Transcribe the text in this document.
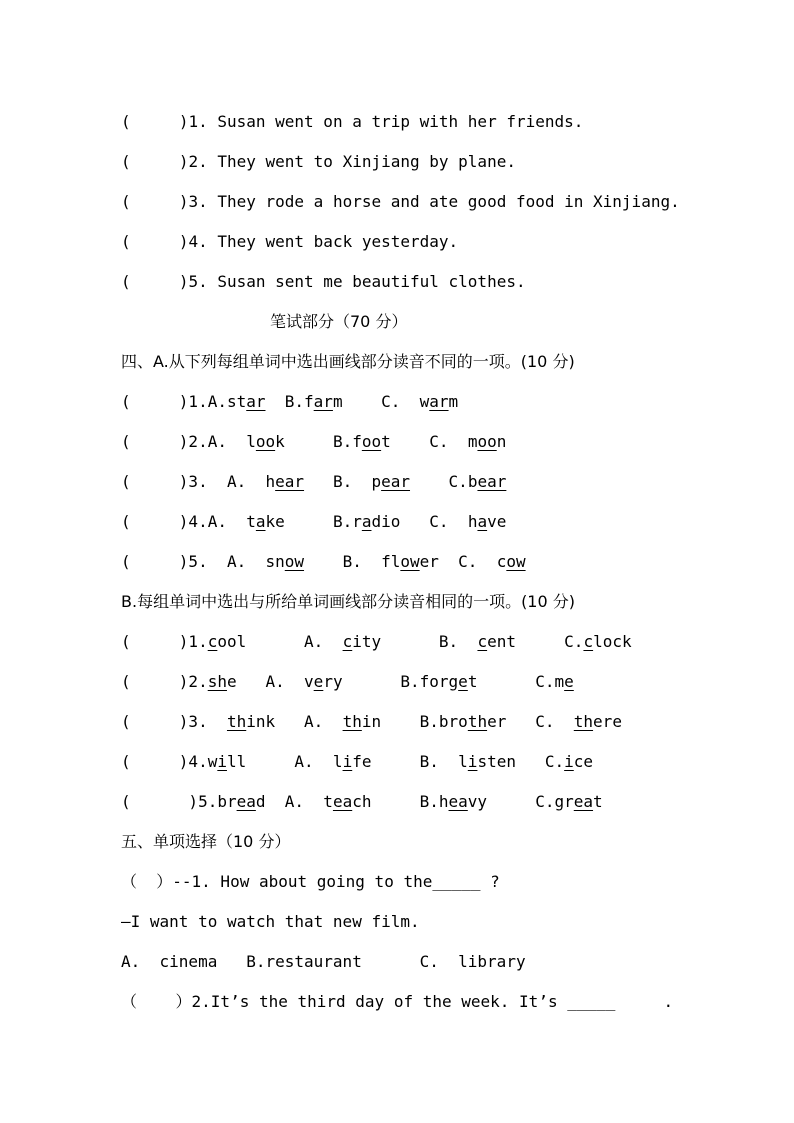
(	)1. Susan went on a trip with her friends.
(	)2. They went to Xinjiang by plane.
(	)3. They rode a horse and ate good food in Xinjiang.
(	)4. They went back yesterday.
(	)5. Susan sent me beautiful clothes.
笔试部分（70 分）
四、A.从下列每组单词中选出画线部分读音不同的一项。(10 分)
(     )1.A.star  B.farm    C.  warm
(     )2.A.  look     B.foot    C.  moon
(     )3.  A.  hear   B.  pear    C.bear
(     )4.A.  take     B.radio   C.  have
(     )5.  A.  snow    B.  flower  C.  cow
B.每组单词中选出与所给单词画线部分读音相同的一项。(10 分)
(     )1.cool      A.  city      B.  cent     C.clock
(     )2.she   A.  very      B.forget      C.me
(     )3.  think   A.  thin    B.brother   C.  there
(     )4.will     A.  life     B.  listen   C.ice
(      )5.bread  A.  teach     B.heavy     C.great
五、单项选择（10 分）
（  ）--1. How about going to the_____ ?
—I want to watch that new film.
A.  cinema   B.restaurant      C.  library
（    ）2.It’s the third day of the week. It’s _____     .
